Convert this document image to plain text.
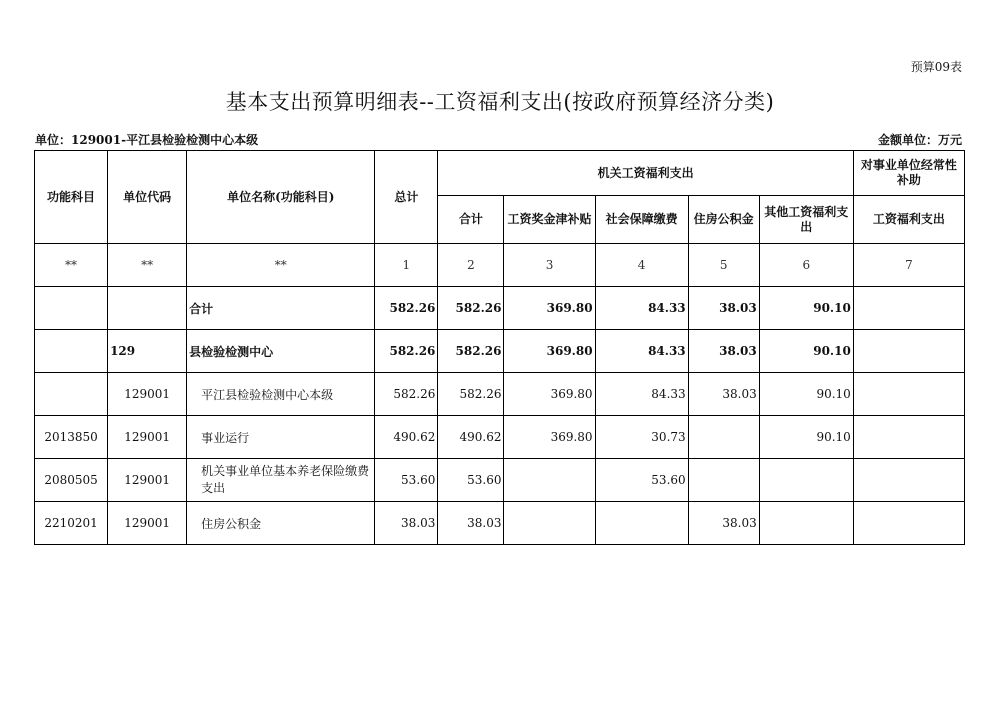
预算09表
基本支出预算明细表--工资福利支出(按政府预算经济分类)
单位：129001-平江县检验检测中心本级	金额单位：万元
功能科目	单位代码	单位名称(功能科目)	总计	机关工资福利支出					对事业单位经常性补助
				合计	工资奖金津补贴	社会保障缴费	住房公积金	其他工资福利支出	工资福利支出
**	**	**	1	2	3	4	5	6	7
		合计	582.26	582.26	369.80	84.33	38.03	90.10	
	129	县检验检测中心	582.26	582.26	369.80	84.33	38.03	90.10	
	129001	平江县检验检测中心本级	582.26	582.26	369.80	84.33	38.03	90.10	
2013850	129001	事业运行	490.62	490.62	369.80	30.73		90.10	
2080505	129001	机关事业单位基本养老保险缴费支出	53.60	53.60		53.60			
2210201	129001	住房公积金	38.03	38.03			38.03		
